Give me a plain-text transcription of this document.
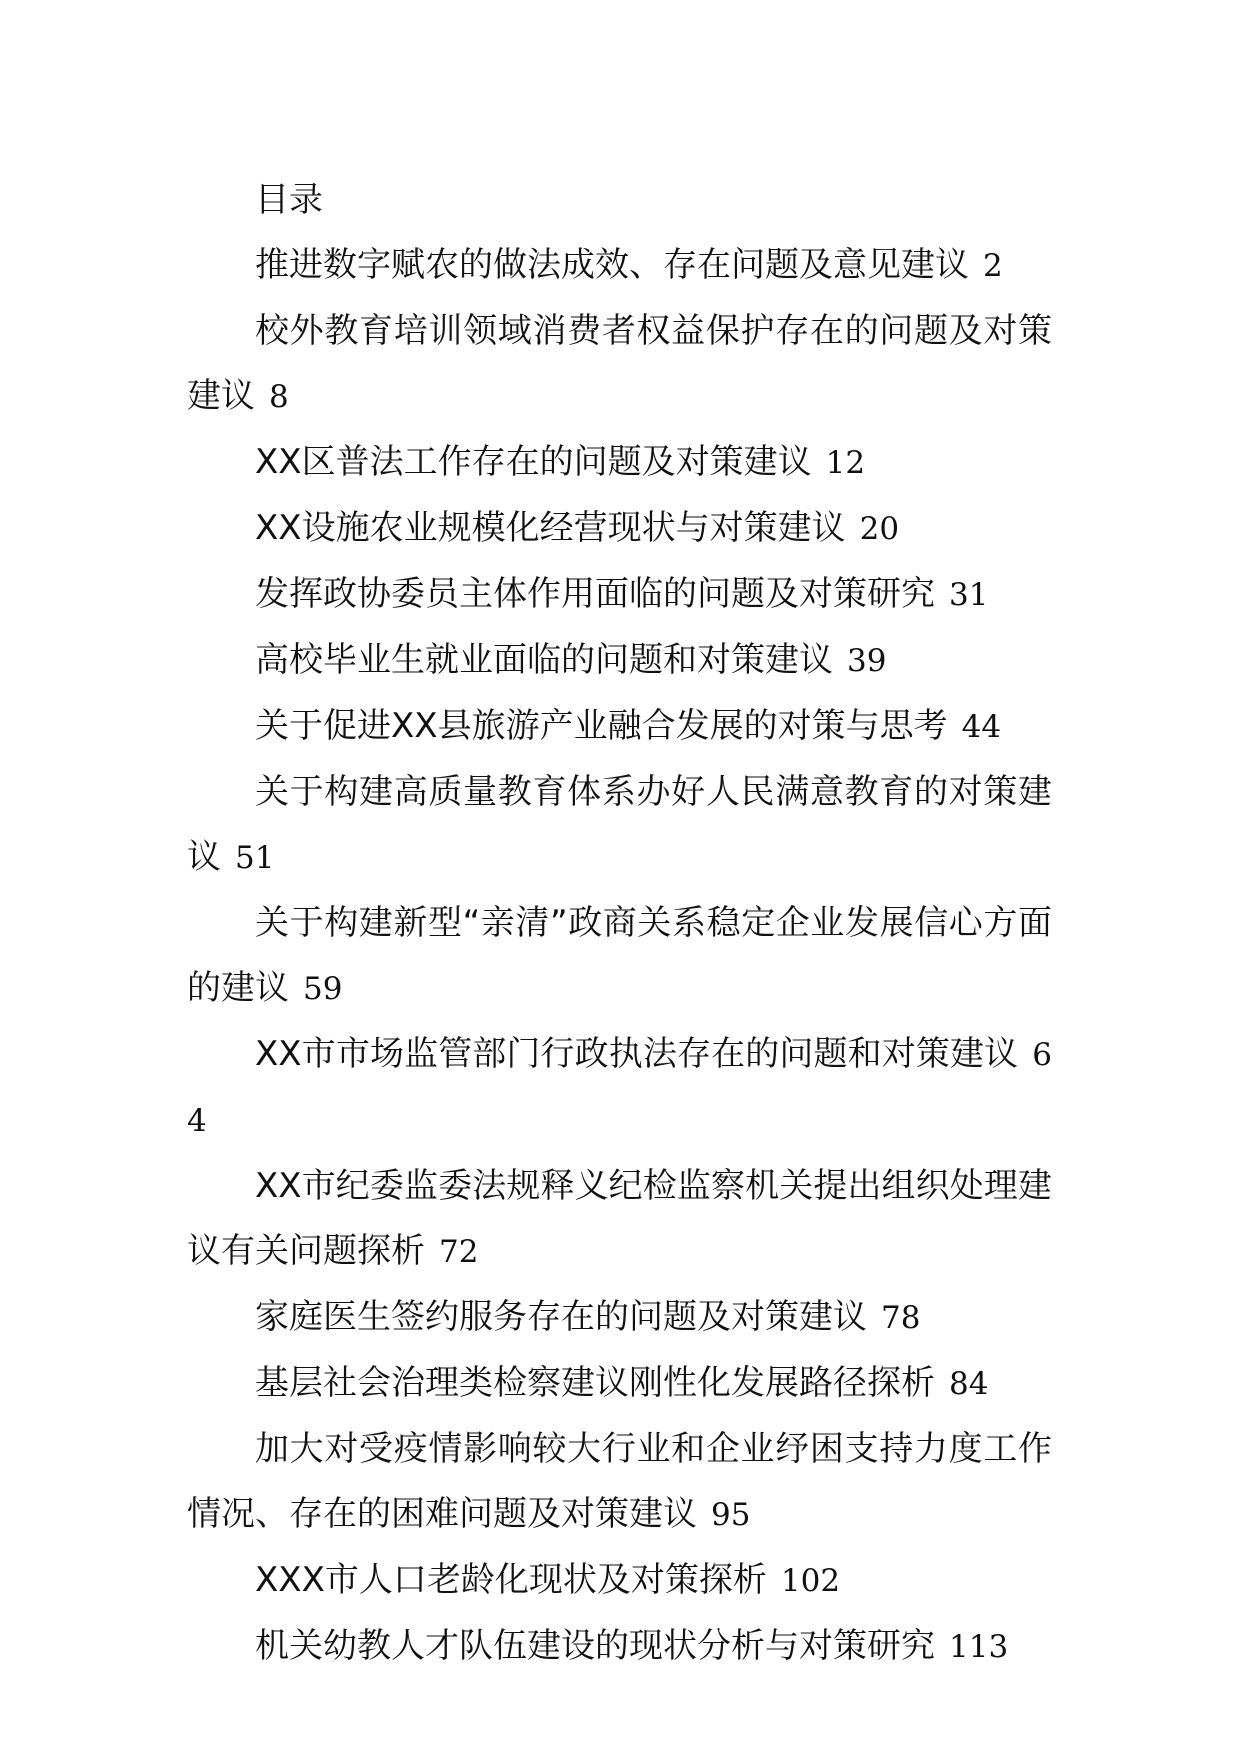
目录

推进数字赋农的做法成效、存在问题及意见建议 2

校外教育培训领域消费者权益保护存在的问题及对策建议 8

XX区普法工作存在的问题及对策建议 12

XX设施农业规模化经营现状与对策建议 20

发挥政协委员主体作用面临的问题及对策研究 31

高校毕业生就业面临的问题和对策建议 39

关于促进XX县旅游产业融合发展的对策与思考 44

关于构建高质量教育体系办好人民满意教育的对策建议 51

关于构建新型“亲清”政商关系稳定企业发展信心方面的建议 59

XX市市场监管部门行政执法存在的问题和对策建议 64

XX市纪委监委法规释义纪检监察机关提出组织处理建议有关问题探析 72

家庭医生签约服务存在的问题及对策建议 78

基层社会治理类检察建议刚性化发展路径探析 84

加大对受疫情影响较大行业和企业纾困支持力度工作情况、存在的困难问题及对策建议 95

XXX市人口老龄化现状及对策探析 102

机关幼教人才队伍建设的现状分析与对策研究 113
